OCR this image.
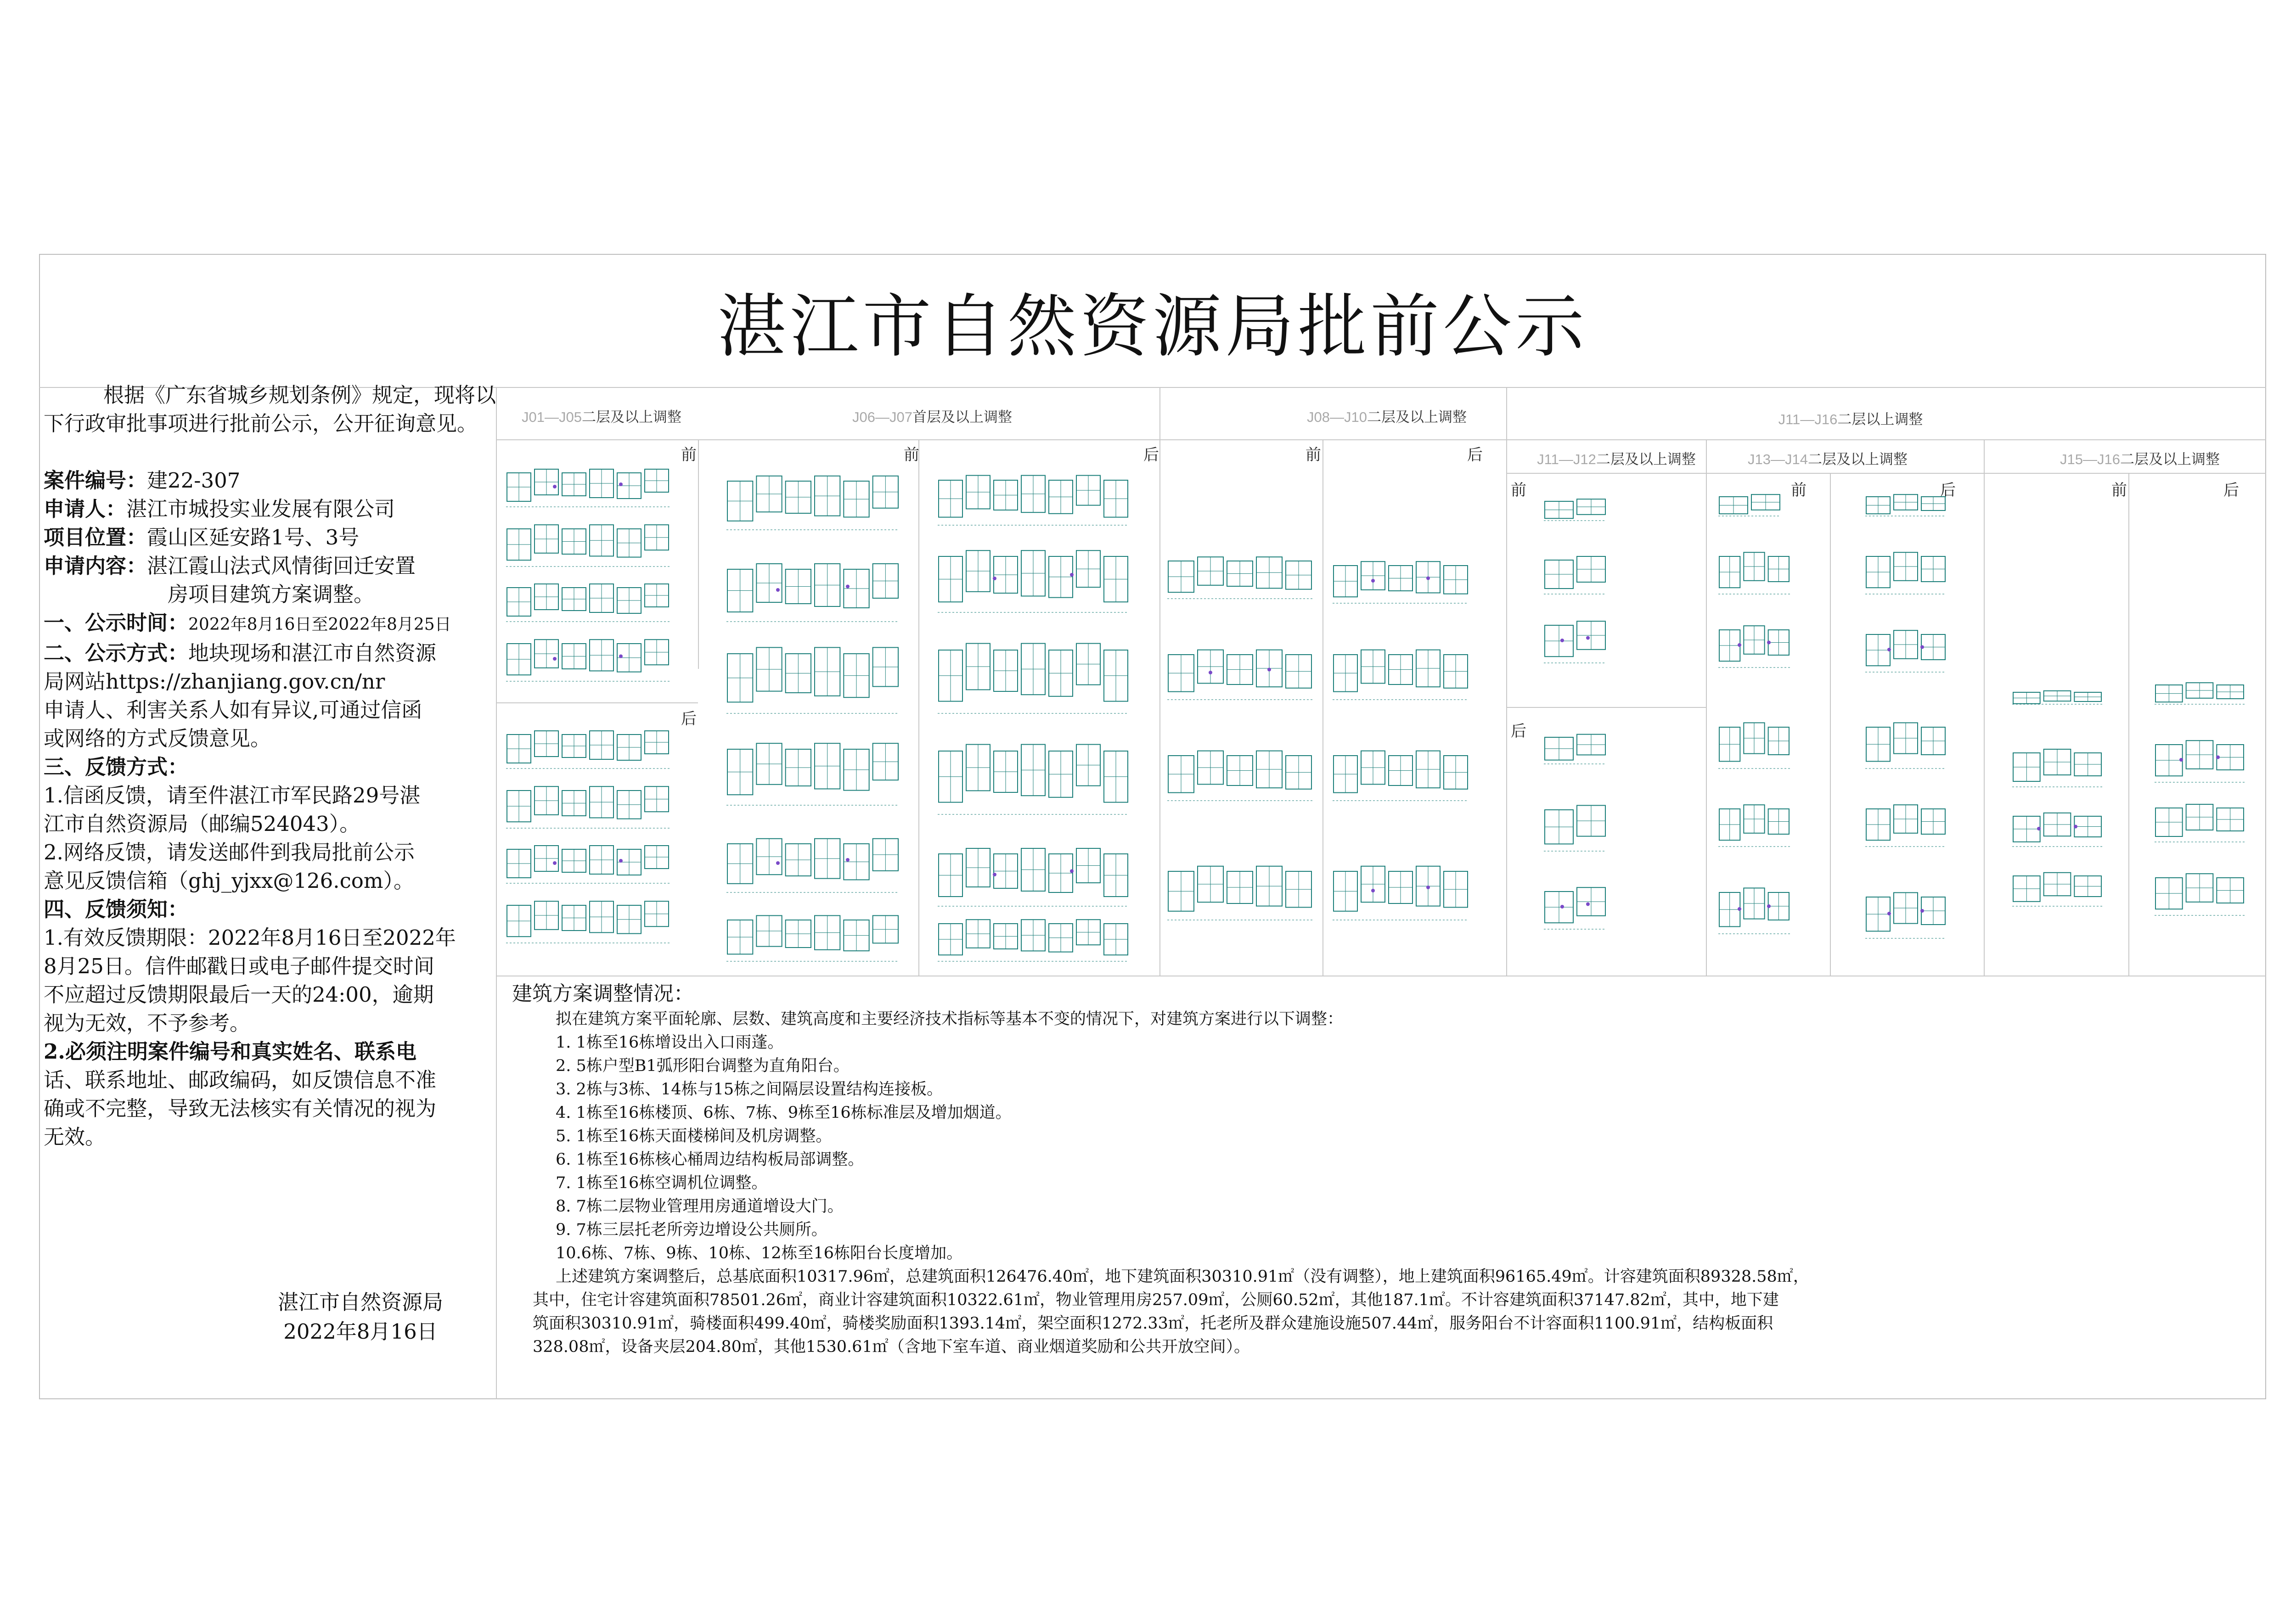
湛江市自然资源局批前公示

根据《广东省城乡规划条例》规定，现将以下行政审批事项进行批前公示，公开征询意见。

案件编号：建22-307

申请人：湛江市城投实业发展有限公司

项目位置：霞山区延安路1号、3号

申请内容：湛江霞山法式风情街回迁安置

房项目建筑方案调整。

一、公示时间：2022年8月16日至2022年8月25日

二、公示方式：地块现场和湛江市自然资源

局网站https://zhanjiang.gov.cn/nr

申请人、利害关系人如有异议,可通过信函

或网络的方式反馈意见。

三、反馈方式：

1.信函反馈，请至件湛江市军民路29号湛

江市自然资源局（邮编524043）。

2.网络反馈，请发送邮件到我局批前公示

意见反馈信箱（ghj_yjxx@126.com）。

四、反馈须知：

1.有效反馈期限：2022年8月16日至2022年

8月25日。信件邮戳日或电子邮件提交时间

不应超过反馈期限最后一天的24:00，逾期

视为无效，不予参考。

2.必须注明案件编号和真实姓名、联系电

话、联系地址、邮政编码，如反馈信息不准

确或不完整，导致无法核实有关情况的视为

无效。

湛江市自然资源局
2022年8月16日
J01—J05二层及以上调整	J06—J07首层及以上调整	J08—J10二层及以上调整	J11—J16二层以上调整
J11—J12二层及以上调整	J13—J14二层及以上调整	J15—J16二层及以上调整
前
后
前	后	前	后
前
后
前	后	前	后

建筑方案调整情况：

拟在建筑方案平面轮廓、层数、建筑高度和主要经济技术指标等基本不变的情况下，对建筑方案进行以下调整：

1. 1栋至16栋增设出入口雨蓬。

2. 5栋户型B1弧形阳台调整为直角阳台。

3. 2栋与3栋、14栋与15栋之间隔层设置结构连接板。

4. 1栋至16栋楼顶、6栋、7栋、9栋至16栋标准层及增加烟道。

5. 1栋至16栋天面楼梯间及机房调整。

6. 1栋至16栋核心桶周边结构板局部调整。

7. 1栋至16栋空调机位调整。

8. 7栋二层物业管理用房通道增设大门。

9. 7栋三层托老所旁边增设公共厕所。

10.6栋、7栋、9栋、10栋、12栋至16栋阳台长度增加。

上述建筑方案调整后，总基底面积10317.96㎡，总建筑面积126476.40㎡，地下建筑面积30310.91㎡（没有调整），地上建筑面积96165.49㎡。计容建筑面积89328.58㎡，

其中，住宅计容建筑面积78501.26㎡，商业计容建筑面积10322.61㎡，物业管理用房257.09㎡，公厕60.52㎡，其他187.1㎡。不计容建筑面积37147.82㎡，其中，地下建

筑面积30310.91㎡，骑楼面积499.40㎡，骑楼奖励面积1393.14㎡，架空面积1272.33㎡，托老所及群众建施设施507.44㎡，服务阳台不计容面积1100.91㎡，结构板面积

328.08㎡，设备夹层204.80㎡，其他1530.61㎡（含地下室车道、商业烟道奖励和公共开放空间）。
